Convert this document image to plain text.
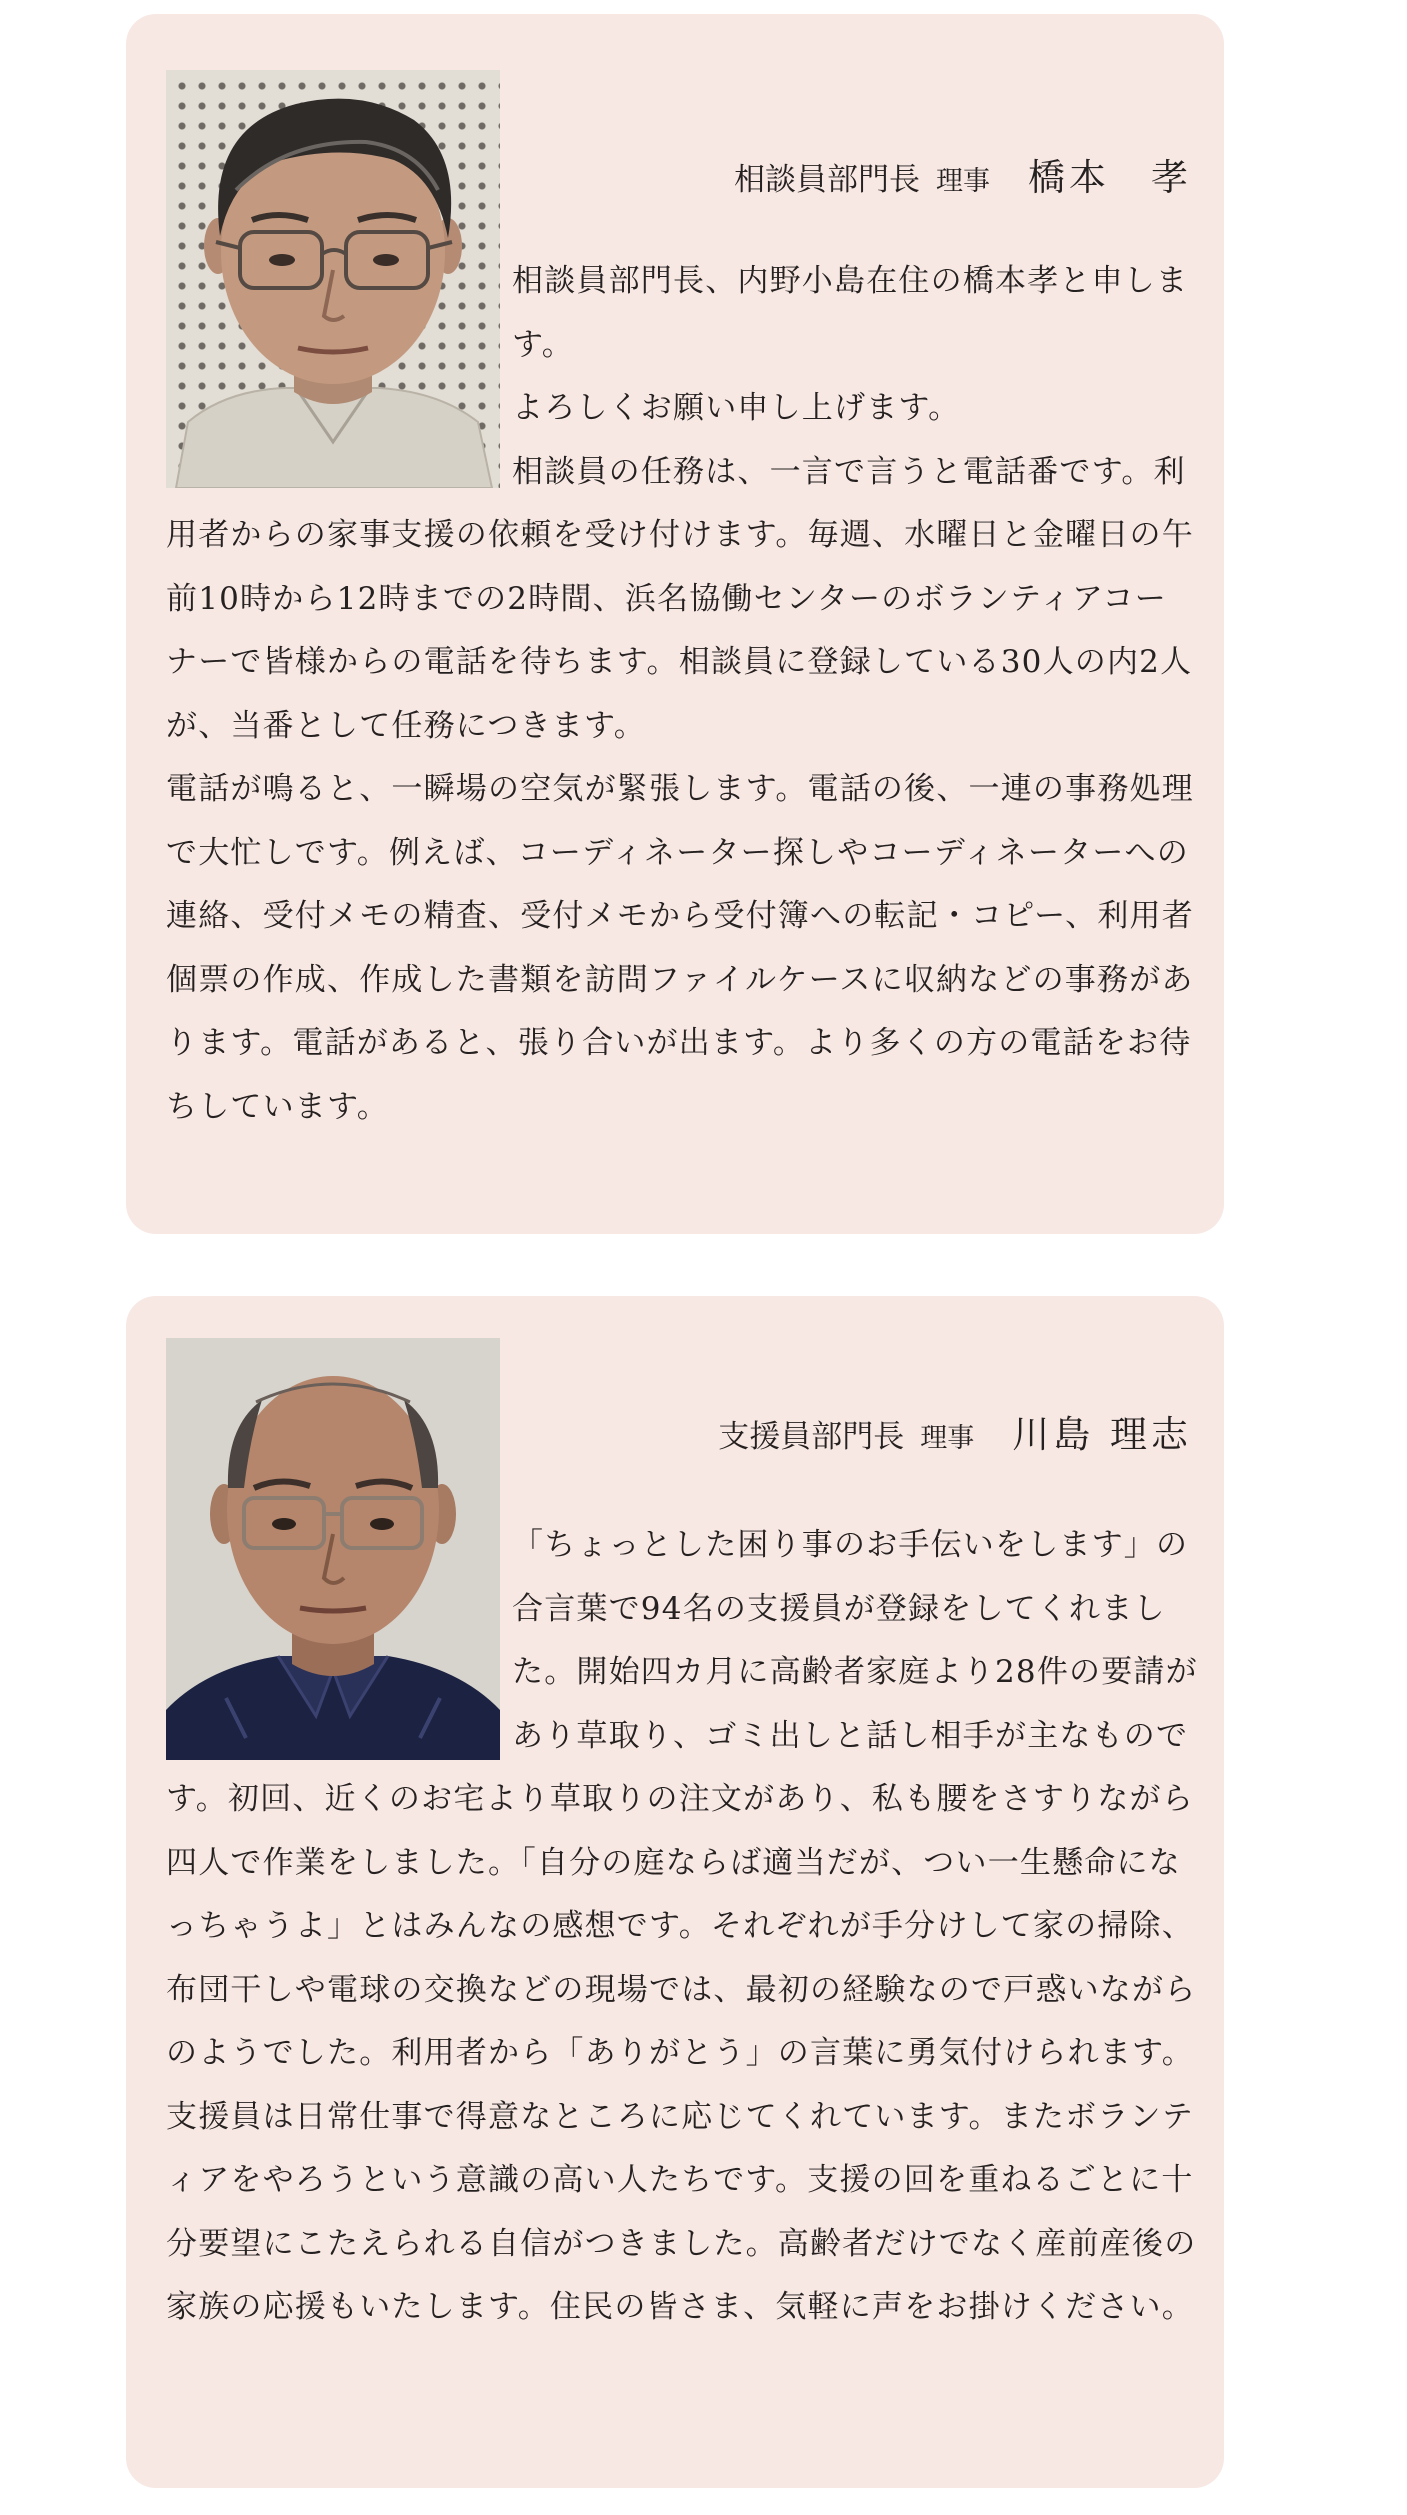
相談員部門長 理事 橋本　孝

相談員部門長、内野小島在住の橋本孝と申します。

よろしくお願い申し上げます。

相談員の任務は、一言で言うと電話番です。利用者からの家事支援の依頼を受け付けます。毎週、水曜日と金曜日の午前10時から12時までの2時間、浜名協働センターのボランティアコーナーで皆様からの電話を待ちます。相談員に登録している30人の内2人が、当番として任務につきます。

電話が鳴ると、一瞬場の空気が緊張します。電話の後、一連の事務処理で大忙しです。例えば、コーディネーター探しやコーディネーターへの連絡、受付メモの精査、受付メモから受付簿への転記・コピー、利用者個票の作成、作成した書類を訪問ファイルケースに収納などの事務があります。電話があると、張り合いが出ます。より多くの方の電話をお待ちしています。

支援員部門長 理事 川島 理志

「ちょっとした困り事のお手伝いをします」の合言葉で94名の支援員が登録をしてくれました。開始四カ月に高齢者家庭より28件の要請があり草取り、ゴミ出しと話し相手が主なものです。初回、近くのお宅より草取りの注文があり、私も腰をさすりながら四人で作業をしました。「自分の庭ならば適当だが、つい一生懸命になっちゃうよ」とはみんなの感想です。それぞれが手分けして家の掃除、布団干しや電球の交換などの現場では、最初の経験なので戸惑いながらのようでした。利用者から「ありがとう」の言葉に勇気付けられます。支援員は日常仕事で得意なところに応じてくれています。またボランティアをやろうという意識の高い人たちです。支援の回を重ねるごとに十分要望にこたえられる自信がつきました。高齢者だけでなく産前産後の家族の応援もいたします。住民の皆さま、気軽に声をお掛けください。
